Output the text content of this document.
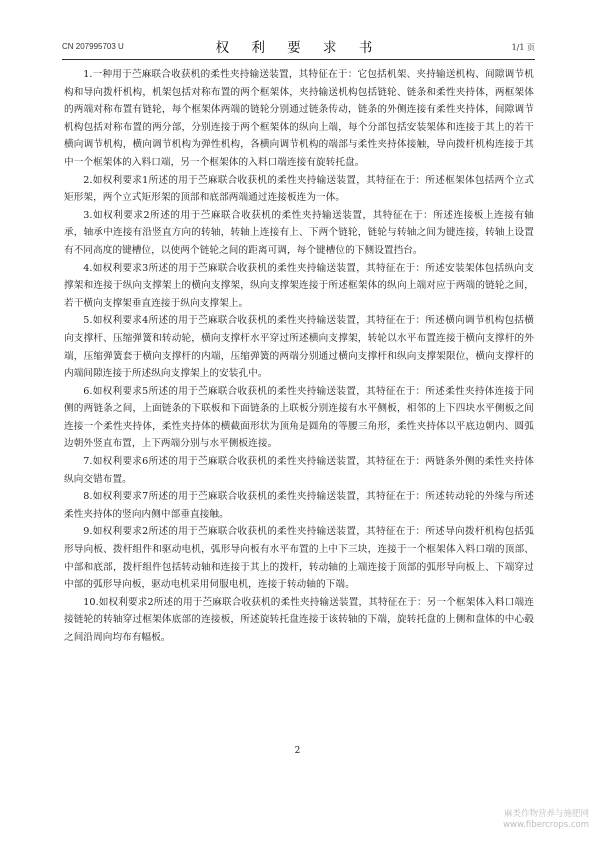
CN 207995703 U	权 利 要 求 书	1/1 页

1.一种用于苎麻联合收获机的柔性夹持输送装置，其特征在于：它包括机架、夹持输送机构、间隙调节机构和导向拨杆机构，机架包括对称布置的两个框架体，夹持输送机构包括链轮、链条和柔性夹持体，两框架体的两端对称布置有链轮，每个框架体两端的链轮分别通过链条传动，链条的外侧连接有柔性夹持体，间隙调节机构包括对称布置的两分部，分别连接于两个框架体的纵向上端，每个分部包括安装架体和连接于其上的若干横向调节机构，横向调节机构为弹性机构，各横向调节机构的端部与柔性夹持体接触，导向拨杆机构连接于其中一个框架体的入料口端，另一个框架体的入料口端连接有旋转托盘。

2.如权利要求1所述的用于苎麻联合收获机的柔性夹持输送装置，其特征在于：所述框架体包括两个立式矩形架，两个立式矩形架的顶部和底部两端通过连接板连为一体。

3.如权利要求2所述的用于苎麻联合收获机的柔性夹持输送装置，其特征在于：所述连接板上连接有轴承，轴承中连接有沿竖直方向的转轴，转轴上连接有上、下两个链轮，链轮与转轴之间为键连接，转轴上设置有不同高度的键槽位，以使两个链轮之间的距离可调，每个键槽位的下侧设置挡台。

4.如权利要求3所述的用于苎麻联合收获机的柔性夹持输送装置，其特征在于：所述安装架体包括纵向支撑架和连接于纵向支撑架上的横向支撑架，纵向支撑架连接于所述框架体的纵向上端对应于两端的链轮之间，若干横向支撑架垂直连接于纵向支撑架上。

5.如权利要求4所述的用于苎麻联合收获机的柔性夹持输送装置，其特征在于：所述横向调节机构包括横向支撑杆、压缩弹簧和转动轮，横向支撑杆水平穿过所述横向支撑架，转轮以水平布置连接于横向支撑杆的外端，压缩弹簧套于横向支撑杆的内端，压缩弹簧的两端分别通过横向支撑杆和纵向支撑架限位，横向支撑杆的内端间隙连接于所述纵向支撑架上的安装孔中。

6.如权利要求5所述的用于苎麻联合收获机的柔性夹持输送装置，其特征在于：所述柔性夹持体连接于同侧的两链条之间，上面链条的下联板和下面链条的上联板分别连接有水平侧板，相邻的上下四块水平侧板之间连接一个柔性夹持体，柔性夹持体的横截面形状为顶角是圆角的等腰三角形，柔性夹持体以平底边朝内、圆弧边朝外竖直布置，上下两端分别与水平侧板连接。

7.如权利要求6所述的用于苎麻联合收获机的柔性夹持输送装置，其特征在于：两链条外侧的柔性夹持体纵向交错布置。

8.如权利要求7所述的用于苎麻联合收获机的柔性夹持输送装置，其特征在于：所述转动轮的外缘与所述柔性夹持体的竖向内侧中部垂直接触。

9.如权利要求2所述的用于苎麻联合收获机的柔性夹持输送装置，其特征在于：所述导向拨杆机构包括弧形导向板、拨杆组件和驱动电机，弧形导向板有水平布置的上中下三块，连接于一个框架体入料口端的顶部、中部和底部，拨杆组件包括转动轴和连接于其上的拨杆，转动轴的上端连接于顶部的弧形导向板上、下端穿过中部的弧形导向板，驱动电机采用伺服电机，连接于转动轴的下端。

10.如权利要求2所述的用于苎麻联合收获机的柔性夹持输送装置，其特征在于：另一个框架体入料口端连接链轮的转轴穿过框架体底部的连接板，所述旋转托盘连接于该转轴的下端，旋转托盘的上侧和盘体的中心毂之间沿周向均布有幅板。

2
麻类作物营养与施肥网
www.fibercrops.com
